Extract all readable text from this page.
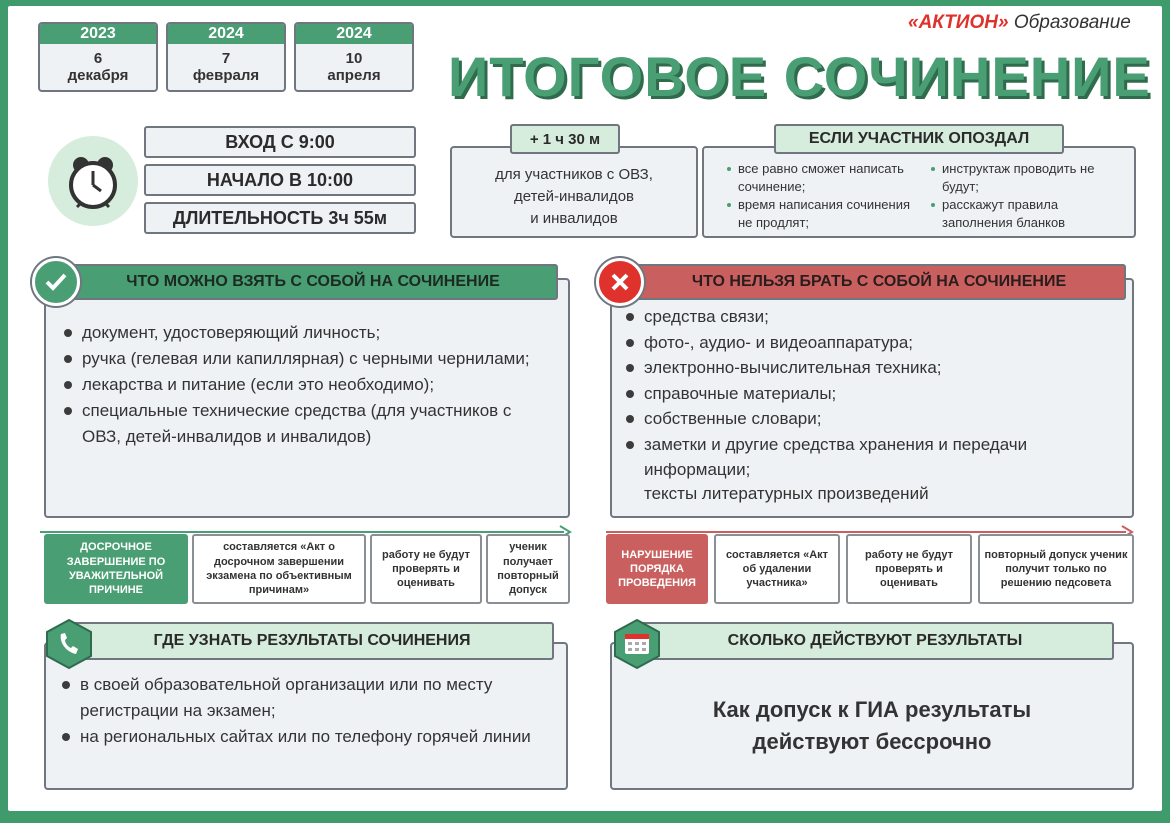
«АКТИОН» Образование
ИТОГОВОЕ СОЧИНЕНИЕ
2023
6
декабря
2024
7
февраля
2024
10
апреля
ВХОД С 9:00
НАЧАЛО В 10:00
ДЛИТЕЛЬНОСТЬ 3ч 55м
для участников с ОВЗ,
детей-инвалидов
и инвалидов
+ 1 ч 30 м
все равно сможет написать сочинение;
время написания сочинения не продлят;
инструктаж проводить не будут;
расскажут правила заполнения бланков
ЕСЛИ УЧАСТНИК ОПОЗДАЛ
документ, удостоверяющий личность;
ручка (гелевая или капиллярная) с черными чернилами;
лекарства и питание (если это необходимо);
специальные технические средства (для участников с ОВЗ, детей-инвалидов и инвалидов)
ЧТО МОЖНО ВЗЯТЬ С СОБОЙ НА СОЧИНЕНИЕ
средства связи;
фото-, аудио- и видеоаппаратура;
электронно-вычислительная техника;
справочные материалы;
собственные словари;
заметки и другие средства хранения и передачи информации;
тексты литературных произведений
ЧТО НЕЛЬЗЯ БРАТЬ С СОБОЙ НА СОЧИНЕНИЕ
ДОСРОЧНОЕ ЗАВЕРШЕНИЕ ПО УВАЖИТЕЛЬНОЙ ПРИЧИНЕ
составляется «Акт о досрочном завершении экзамена по объективным причинам»
работу не будут проверять и оценивать
ученик получает повторный допуск
НАРУШЕНИЕ ПОРЯДКА ПРОВЕДЕНИЯ
составляется «Акт об удалении участника»
работу не будут проверять и оценивать
повторный допуск ученик получит только по решению педсовета
в своей образовательной организации или по месту регистрации на экзамен;
на региональных сайтах или по телефону горячей линии
ГДЕ УЗНАТЬ РЕЗУЛЬТАТЫ СОЧИНЕНИЯ
Как допуск к ГИА результаты
действуют бессрочно
СКОЛЬКО ДЕЙСТВУЮТ РЕЗУЛЬТАТЫ
